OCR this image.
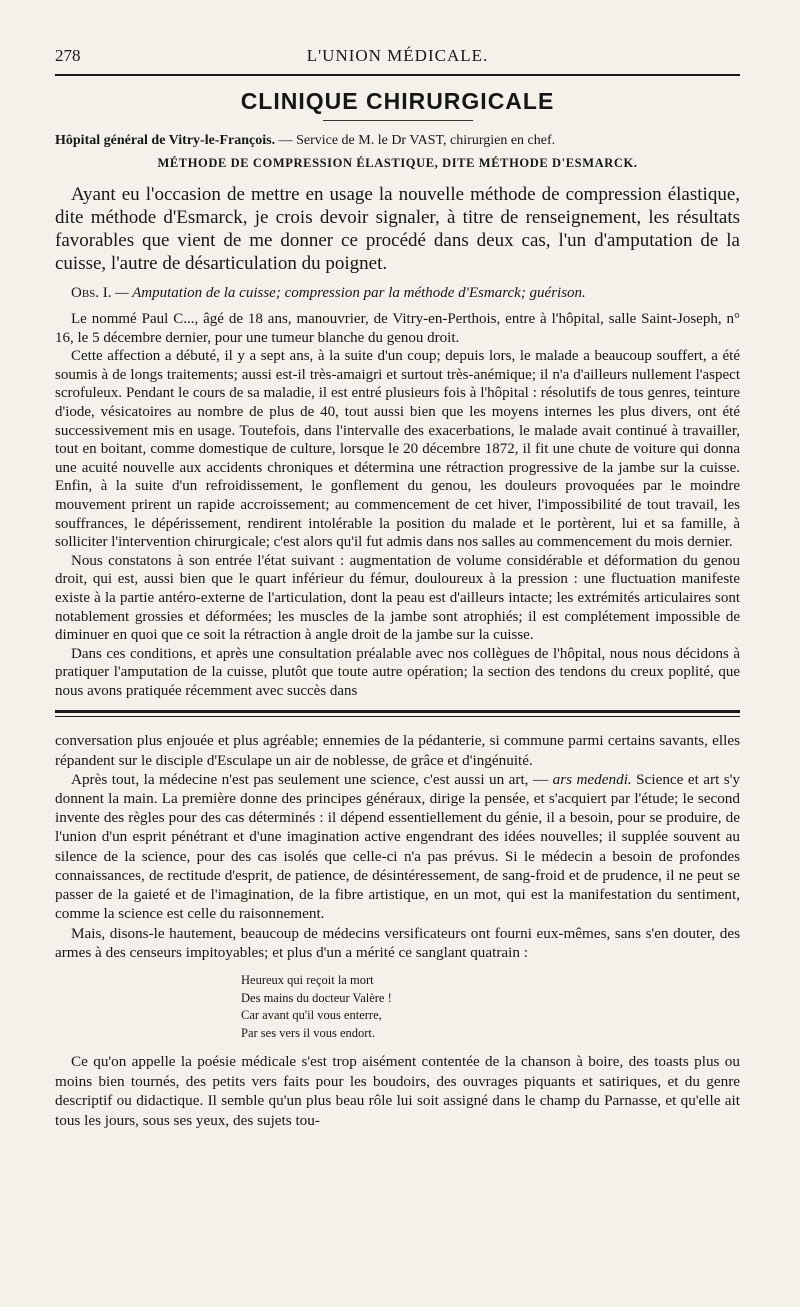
278	L'UNION MÉDICALE.
CLINIQUE CHIRURGICALE
Hôpital général de Vitry-le-François. — Service de M. le Dr VAST, chirurgien en chef.
MÉTHODE DE COMPRESSION ÉLASTIQUE, DITE MÉTHODE D'ESMARCK.
Ayant eu l'occasion de mettre en usage la nouvelle méthode de compression élastique, dite méthode d'Esmarck, je crois devoir signaler, à titre de renseignement, les résultats favorables que vient de me donner ce procédé dans deux cas, l'un d'amputation de la cuisse, l'autre de désarticulation du poignet.
Obs. I. — Amputation de la cuisse; compression par la méthode d'Esmarck; guérison.

Le nommé Paul C..., âgé de 18 ans, manouvrier, de Vitry-en-Perthois, entre à l'hôpital, salle Saint-Joseph, n° 16, le 5 décembre dernier, pour une tumeur blanche du genou droit.

Cette affection a débuté, il y a sept ans, à la suite d'un coup; depuis lors, le malade a beaucoup souffert, a été soumis à de longs traitements; aussi est-il très-amaigri et surtout très-anémique; il n'a d'ailleurs nullement l'aspect scrofuleux. Pendant le cours de sa maladie, il est entré plusieurs fois à l'hôpital : résolutifs de tous genres, teinture d'iode, vésicatoires au nombre de plus de 40, tout aussi bien que les moyens internes les plus divers, ont été successivement mis en usage. Toutefois, dans l'intervalle des exacerbations, le malade avait continué à travailler, tout en boitant, comme domestique de culture, lorsque le 20 décembre 1872, il fit une chute de voiture qui donna une acuité nouvelle aux accidents chroniques et détermina une rétraction progressive de la jambe sur la cuisse. Enfin, à la suite d'un refroidissement, le gonflement du genou, les douleurs provoquées par le moindre mouvement prirent un rapide accroissement; au commencement de cet hiver, l'impossibilité de tout travail, les souffrances, le dépérissement, rendirent intolérable la position du malade et le portèrent, lui et sa famille, à solliciter l'intervention chirurgicale; c'est alors qu'il fut admis dans nos salles au commencement du mois dernier.

Nous constatons à son entrée l'état suivant : augmentation de volume considérable et déformation du genou droit, qui est, aussi bien que le quart inférieur du fémur, douloureux à la pression : une fluctuation manifeste existe à la partie antéro-externe de l'articulation, dont la peau est d'ailleurs intacte; les extrémités articulaires sont notablement grossies et déformées; les muscles de la jambe sont atrophiés; il est complétement impossible de diminuer en quoi que ce soit la rétraction à angle droit de la jambe sur la cuisse.

Dans ces conditions, et après une consultation préalable avec nos collègues de l'hôpital, nous nous décidons à pratiquer l'amputation de la cuisse, plutôt que toute autre opération; la section des tendons du creux poplité, que nous avons pratiquée récemment avec succès dans

conversation plus enjouée et plus agréable; ennemies de la pédanterie, si commune parmi certains savants, elles répandent sur le disciple d'Esculape un air de noblesse, de grâce et d'ingénuité.

Après tout, la médecine n'est pas seulement une science, c'est aussi un art, — ars medendi. Science et art s'y donnent la main. La première donne des principes généraux, dirige la pensée, et s'acquiert par l'étude; le second invente des règles pour des cas déterminés : il dépend essentiellement du génie, il a besoin, pour se produire, de l'union d'un esprit pénétrant et d'une imagination active engendrant des idées nouvelles; il supplée souvent au silence de la science, pour des cas isolés que celle-ci n'a pas prévus. Si le médecin a besoin de profondes connaissances, de rectitude d'esprit, de patience, de désintéressement, de sang-froid et de prudence, il ne peut se passer de la gaieté et de l'imagination, de la fibre artistique, en un mot, qui est la manifestation du sentiment, comme la science est celle du raisonnement.

Mais, disons-le hautement, beaucoup de médecins versificateurs ont fourni eux-mêmes, sans s'en douter, des armes à des censeurs impitoyables; et plus d'un a mérité ce sanglant quatrain :

Heureux qui reçoit la mort
Des mains du docteur Valère !
Car avant qu'il vous enterre,
Par ses vers il vous endort.

Ce qu'on appelle la poésie médicale s'est trop aisément contentée de la chanson à boire, des toasts plus ou moins bien tournés, des petits vers faits pour les boudoirs, des ouvrages piquants et satiriques, et du genre descriptif ou didactique. Il semble qu'un plus beau rôle lui soit assigné dans le champ du Parnasse, et qu'elle ait tous les jours, sous ses yeux, des sujets tou-
